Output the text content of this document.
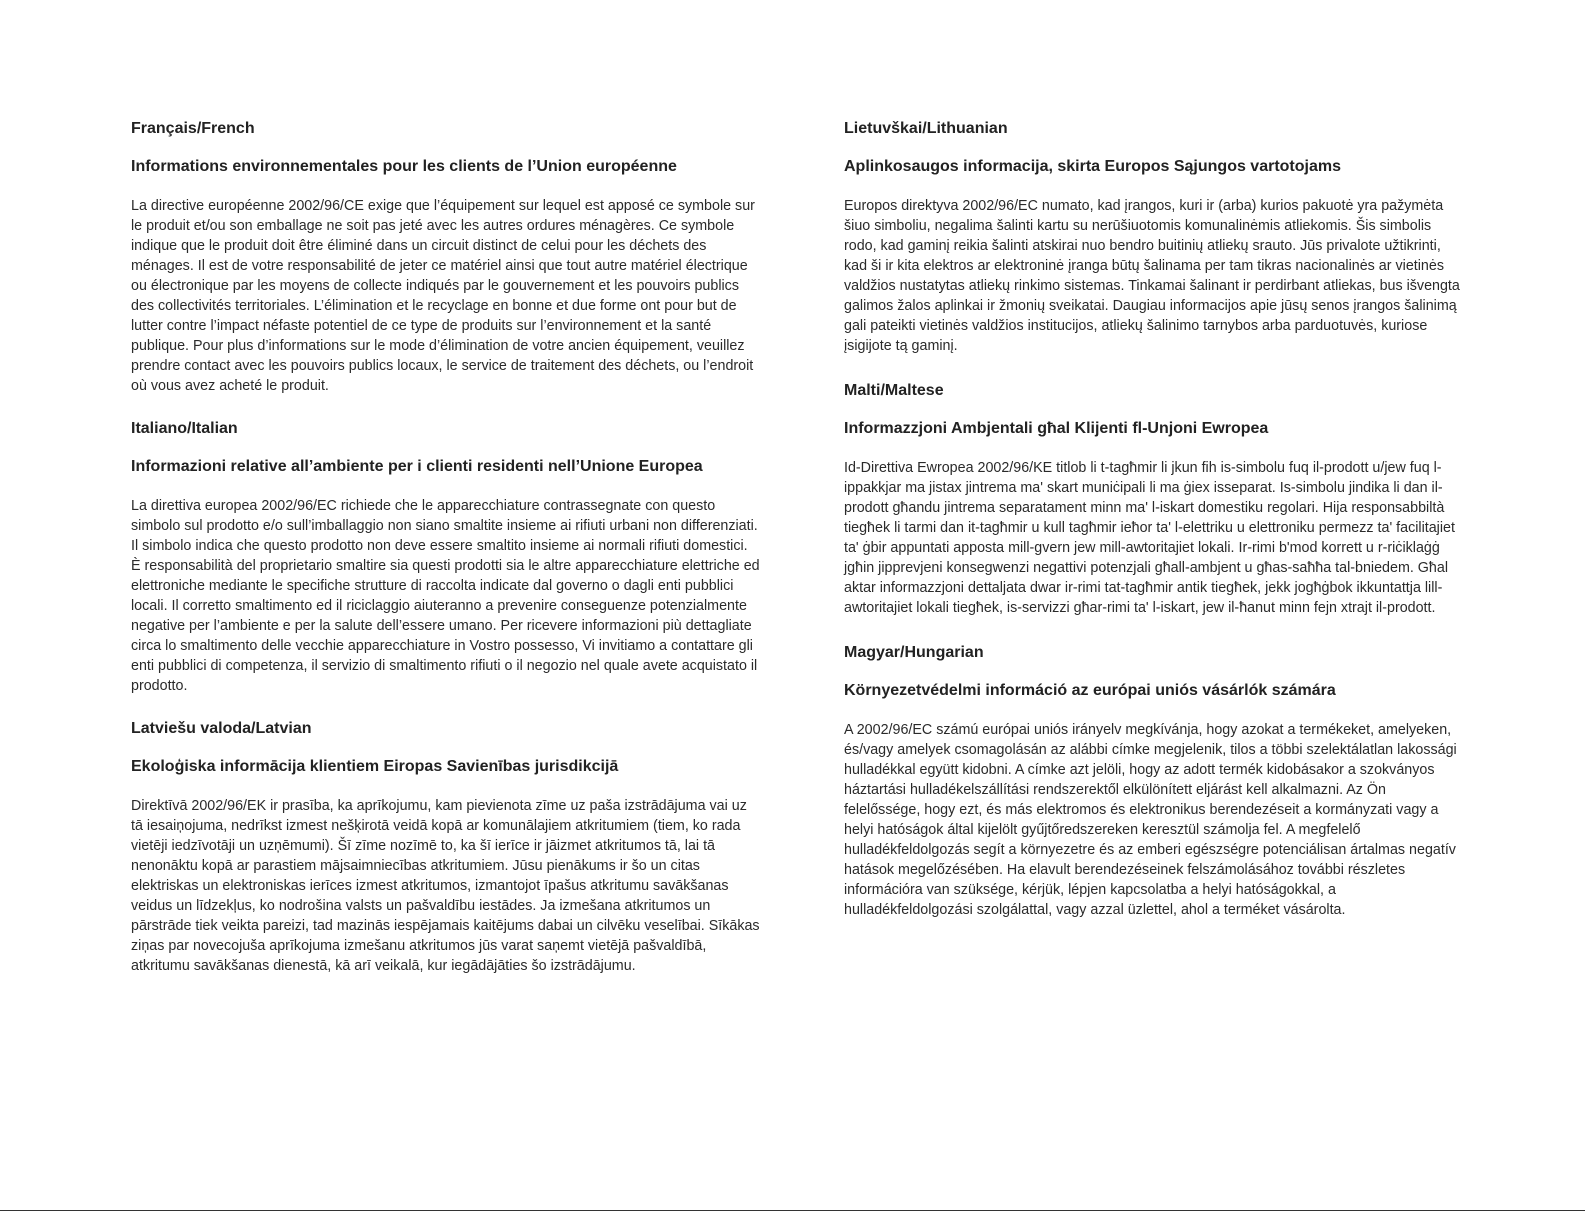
Français/French
Informations environnementales pour les clients de l’Union européenne
La directive européenne 2002/96/CE exige que l’équipement sur lequel est apposé ce symbole sur le produit et/ou son emballage ne soit pas jeté avec les autres ordures ménagères. Ce symbole indique que le produit doit être éliminé dans un circuit distinct de celui pour les déchets des ménages. Il est de votre responsabilité de jeter ce matériel ainsi que tout autre matériel électrique ou électronique par les moyens de collecte indiqués par le gouvernement et les pouvoirs publics des collectivités territoriales. L’élimination et le recyclage en bonne et due forme ont pour but de lutter contre l’impact néfaste potentiel de ce type de produits sur l’environnement et la santé publique. Pour plus d’informations sur le mode d’élimination de votre ancien équipement, veuillez prendre contact avec les pouvoirs publics locaux, le service de traitement des déchets, ou l’endroit où vous avez acheté le produit.
Italiano/Italian
Informazioni relative all’ambiente per i clienti residenti nell’Unione Europea
La direttiva europea 2002/96/EC richiede che le apparecchiature contrassegnate con questo simbolo sul prodotto e/o sull’imballaggio non siano smaltite insieme ai rifiuti urbani non differenziati. Il simbolo indica che questo prodotto non deve essere smaltito insieme ai normali rifiuti domestici. È responsabilità del proprietario smaltire sia questi prodotti sia le altre apparecchiature elettriche ed elettroniche mediante le specifiche strutture di raccolta indicate dal governo o dagli enti pubblici locali. Il corretto smaltimento ed il riciclaggio aiuteranno a prevenire conseguenze potenzialmente negative per l’ambiente e per la salute dell’essere umano. Per ricevere informazioni più dettagliate circa lo smaltimento delle vecchie apparecchiature in Vostro possesso, Vi invitiamo a contattare gli enti pubblici di competenza, il servizio di smaltimento rifiuti o il negozio nel quale avete acquistato il prodotto.
Latviešu valoda/Latvian
Ekoloģiska informācija klientiem Eiropas Savienības jurisdikcijā
Direktīvā 2002/96/EK ir prasība, ka aprīkojumu, kam pievienota zīme uz paša izstrādājuma vai uz tā iesaiņojuma, nedrīkst izmest nešķirotā veidā kopā ar komunālajiem atkritumiem (tiem, ko rada vietēji iedzīvotāji un uzņēmumi). Šī zīme nozīmē to, ka šī ierīce ir jāizmet atkritumos tā, lai tā nenonāktu kopā ar parastiem mājsaimniecības atkritumiem. Jūsu pienākums ir šo un citas elektriskas un elektroniskas ierīces izmest atkritumos, izmantojot īpašus atkritumu savākšanas veidus un līdzekļus, ko nodrošina valsts un pašvaldību iestādes. Ja izmešana atkritumos un pārstrāde tiek veikta pareizi, tad mazinās iespējamais kaitējums dabai un cilvēku veselībai. Sīkākas ziņas par novecojuša aprīkojuma izmešanu atkritumos jūs varat saņemt vietējā pašvaldībā, atkritumu savākšanas dienestā, kā arī veikalā, kur iegādājāties šo izstrādājumu.
Lietuvškai/Lithuanian
Aplinkosaugos informacija, skirta Europos Sąjungos vartotojams
Europos direktyva 2002/96/EC numato, kad įrangos, kuri ir (arba) kurios pakuotė yra pažymėta šiuo simboliu, negalima šalinti kartu su nerūšiuotomis komunalinėmis atliekomis. Šis simbolis rodo, kad gaminį reikia šalinti atskirai nuo bendro buitinių atliekų srauto. Jūs privalote užtikrinti, kad ši ir kita elektros ar elektroninė įranga būtų šalinama per tam tikras nacionalinės ar vietinės valdžios nustatytas atliekų rinkimo sistemas. Tinkamai šalinant ir perdirbant atliekas, bus išvengta galimos žalos aplinkai ir žmonių sveikatai. Daugiau informacijos apie jūsų senos įrangos šalinimą gali pateikti vietinės valdžios institucijos, atliekų šalinimo tarnybos arba parduotuvės, kuriose įsigijote tą gaminį.
Malti/Maltese
Informazzjoni Ambjentali għal Klijenti fl-Unjoni Ewropea
Id-Direttiva Ewropea 2002/96/KE titlob li t-tagħmir li jkun fih is-simbolu fuq il-prodott u/jew fuq l-ippakkjar ma jistax jintrema ma' skart muniċipali li ma ġiex isseparat. Is-simbolu jindika li dan il-prodott għandu jintrema separatament minn ma' l-iskart domestiku regolari. Hija responsabbiltà tiegħek li tarmi dan it-tagħmir u kull tagħmir ieħor ta' l-elettriku u elettroniku permezz ta' facilitajiet ta' ġbir appuntati apposta mill-gvern jew mill-awtoritajiet lokali. Ir-rimi b'mod korrett u r-riċiklaġġ jgħin jipprevjeni konsegwenzi negattivi potenzjali għall-ambjent u għas-saħħa tal-bniedem. Għal aktar informazzjoni dettaljata dwar ir-rimi tat-tagħmir antik tiegħek, jekk jogħġbok ikkuntattja lill-awtoritajiet lokali tiegħek, is-servizzi għar-rimi ta' l-iskart, jew il-ħanut minn fejn xtrajt il-prodott.
Magyar/Hungarian
Környezetvédelmi információ az európai uniós vásárlók számára
A 2002/96/EC számú európai uniós irányelv megkívánja, hogy azokat a termékeket, amelyeken, és/vagy amelyek csomagolásán az alábbi címke megjelenik, tilos a többi szelektálatlan lakossági hulladékkal együtt kidobni. A címke azt jelöli, hogy az adott termék kidobásakor a szokványos háztartási hulladékelszállítási rendszerektől elkülönített eljárást kell alkalmazni. Az Ön felelőssége, hogy ezt, és más elektromos és elektronikus berendezéseit a kormányzati vagy a helyi hatóságok által kijelölt gyűjtőredszereken keresztül számolja fel. A megfelelő hulladékfeldolgozás segít a környezetre és az emberi egészségre potenciálisan ártalmas negatív hatások megelőzésében. Ha elavult berendezéseinek felszámolásához további részletes információra van szüksége, kérjük, lépjen kapcsolatba a helyi hatóságokkal, a hulladékfeldolgozási szolgálattal, vagy azzal üzlettel, ahol a terméket vásárolta.
